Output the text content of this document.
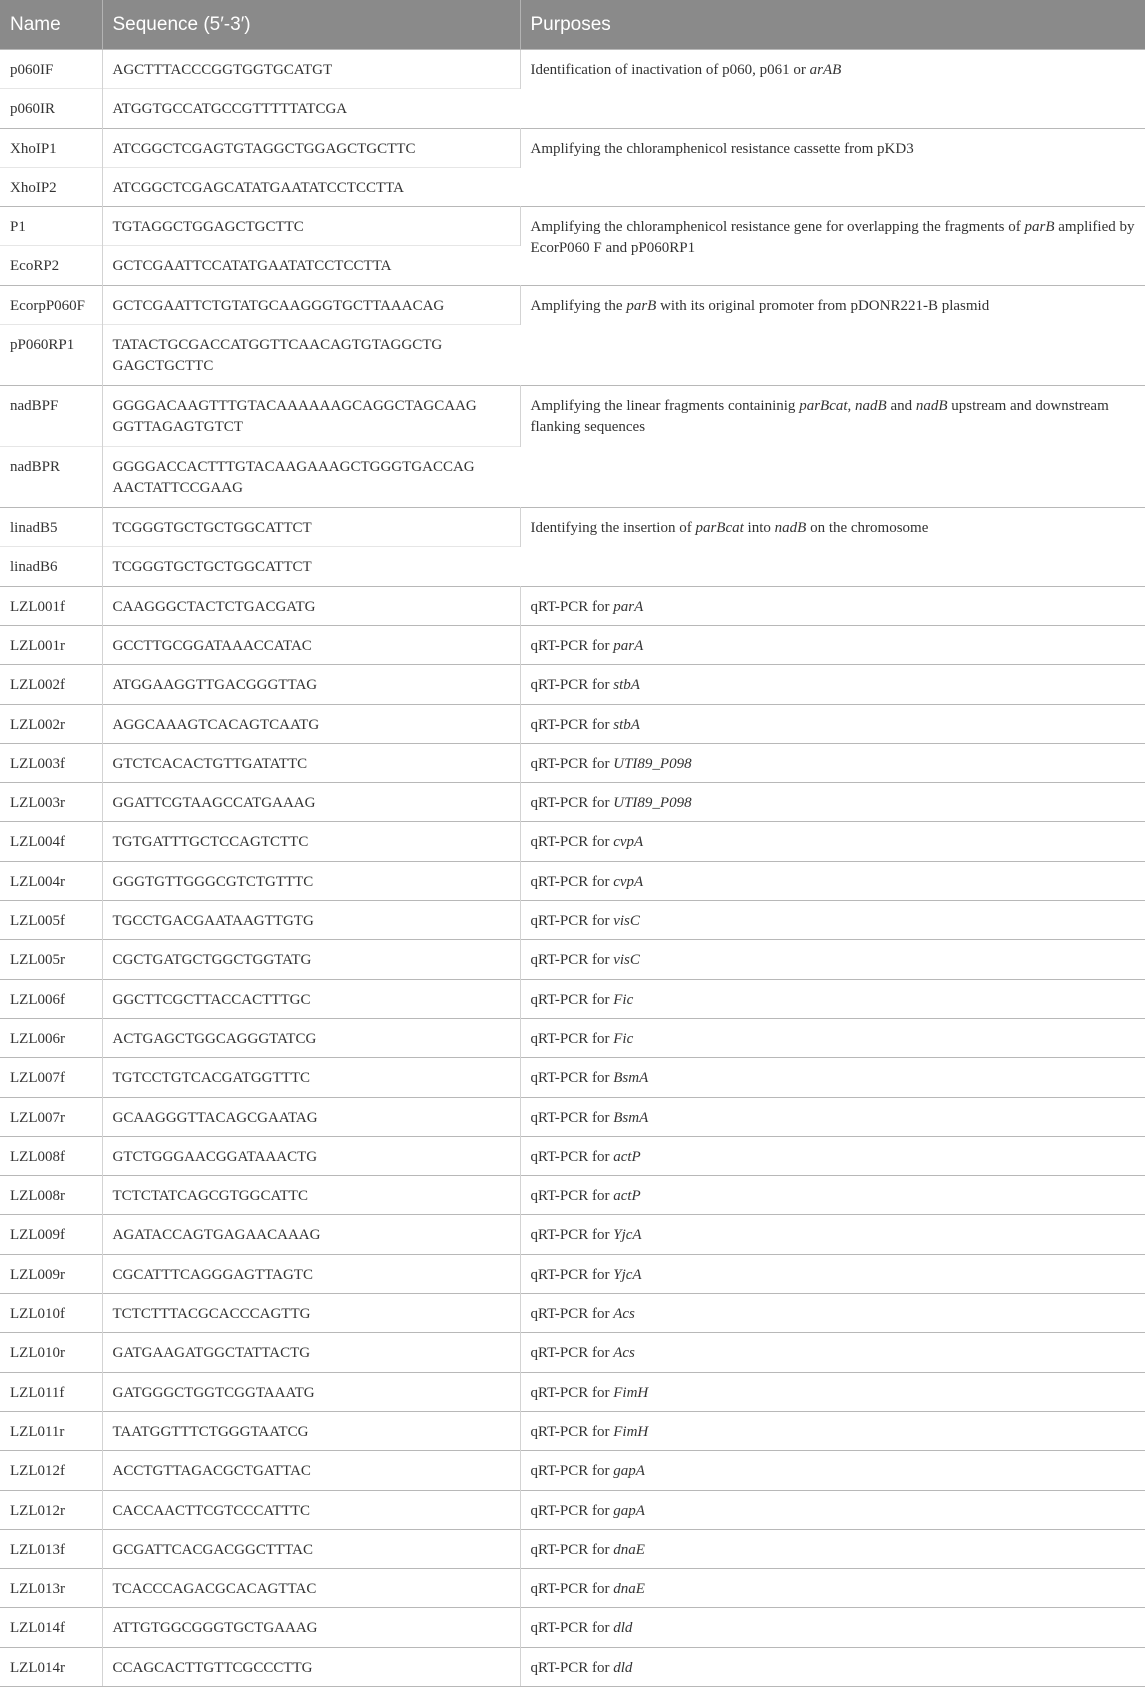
Name	Sequence (5′-3′)	Purposes
p060IF	AGCTTTACCCGGTGGTGCATGT	Identification of inactivation of p060, p061 or arAB
p060IR	ATGGTGCCATGCCGTTTTTATCGA	
XhoIP1	ATCGGCTCGAGTGTAGGCTGGAGCTGCTTC	Amplifying the chloramphenicol resistance cassette from pKD3
XhoIP2	ATCGGCTCGAGCATATGAATATCCTCCTTA	
P1	TGTAGGCTGGAGCTGCTTC	Amplifying the chloramphenicol resistance gene for overlapping the fragments of parB amplified by EcorP060 F and pP060RP1
EcoRP2	GCTCGAATTCCATATGAATATCCTCCTTA	
EcorpP060F	GCTCGAATTCTGTATGCAAGGGTGCTTAAACAG	Amplifying the parB with its original promoter from pDONR221-B plasmid
pP060RP1	TATACTGCGACCATGGTTCAACAGTGTAGGCTG GAGCTGCTTC	
nadBPF	GGGGACAAGTTTGTACAAAAAAGCAGGCTAGCAAG GGTTAGAGTGTCT	Amplifying the linear fragments containinig parBcat, nadB and nadB upstream and downstream flanking sequences
nadBPR	GGGGACCACTTTGTACAAGAAAGCTGGGTGACCAG AACTATTCCGAAG	
linadB5	TCGGGTGCTGCTGGCATTCT	Identifying the insertion of parBcat into nadB on the chromosome
linadB6	TCGGGTGCTGCTGGCATTCT	
LZL001f	CAAGGGCTACTCTGACGATG	qRT-PCR for parA
LZL001r	GCCTTGCGGATAAACCATAC	qRT-PCR for parA
LZL002f	ATGGAAGGTTGACGGGTTAG	qRT-PCR for stbA
LZL002r	AGGCAAAGTCACAGTCAATG	qRT-PCR for stbA
LZL003f	GTCTCACACTGTTGATATTC	qRT-PCR for UTI89_P098
LZL003r	GGATTCGTAAGCCATGAAAG	qRT-PCR for UTI89_P098
LZL004f	TGTGATTTGCTCCAGTCTTC	qRT-PCR for cvpA
LZL004r	GGGTGTTGGGCGTCTGTTTC	qRT-PCR for cvpA
LZL005f	TGCCTGACGAATAAGTTGTG	qRT-PCR for visC
LZL005r	CGCTGATGCTGGCTGGTATG	qRT-PCR for visC
LZL006f	GGCTTCGCTTACCACTTTGC	qRT-PCR for Fic
LZL006r	ACTGAGCTGGCAGGGTATCG	qRT-PCR for Fic
LZL007f	TGTCCTGTCACGATGGTTTC	qRT-PCR for BsmA
LZL007r	GCAAGGGTTACAGCGAATAG	qRT-PCR for BsmA
LZL008f	GTCTGGGAACGGATAAACTG	qRT-PCR for actP
LZL008r	TCTCTATCAGCGTGGCATTC	qRT-PCR for actP
LZL009f	AGATACCAGTGAGAACAAAG	qRT-PCR for YjcA
LZL009r	CGCATTTCAGGGAGTTAGTC	qRT-PCR for YjcA
LZL010f	TCTCTTTACGCACCCAGTTG	qRT-PCR for Acs
LZL010r	GATGAAGATGGCTATTACTG	qRT-PCR for Acs
LZL011f	GATGGGCTGGTCGGTAAATG	qRT-PCR for FimH
LZL011r	TAATGGTTTCTGGGTAATCG	qRT-PCR for FimH
LZL012f	ACCTGTTAGACGCTGATTAC	qRT-PCR for gapA
LZL012r	CACCAACTTCGTCCCATTTC	qRT-PCR for gapA
LZL013f	GCGATTCACGACGGCTTTAC	qRT-PCR for dnaE
LZL013r	TCACCCAGACGCACAGTTAC	qRT-PCR for dnaE
LZL014f	ATTGTGGCGGGTGCTGAAAG	qRT-PCR for dld
LZL014r	CCAGCACTTGTTCGCCCTTG	qRT-PCR for dld
